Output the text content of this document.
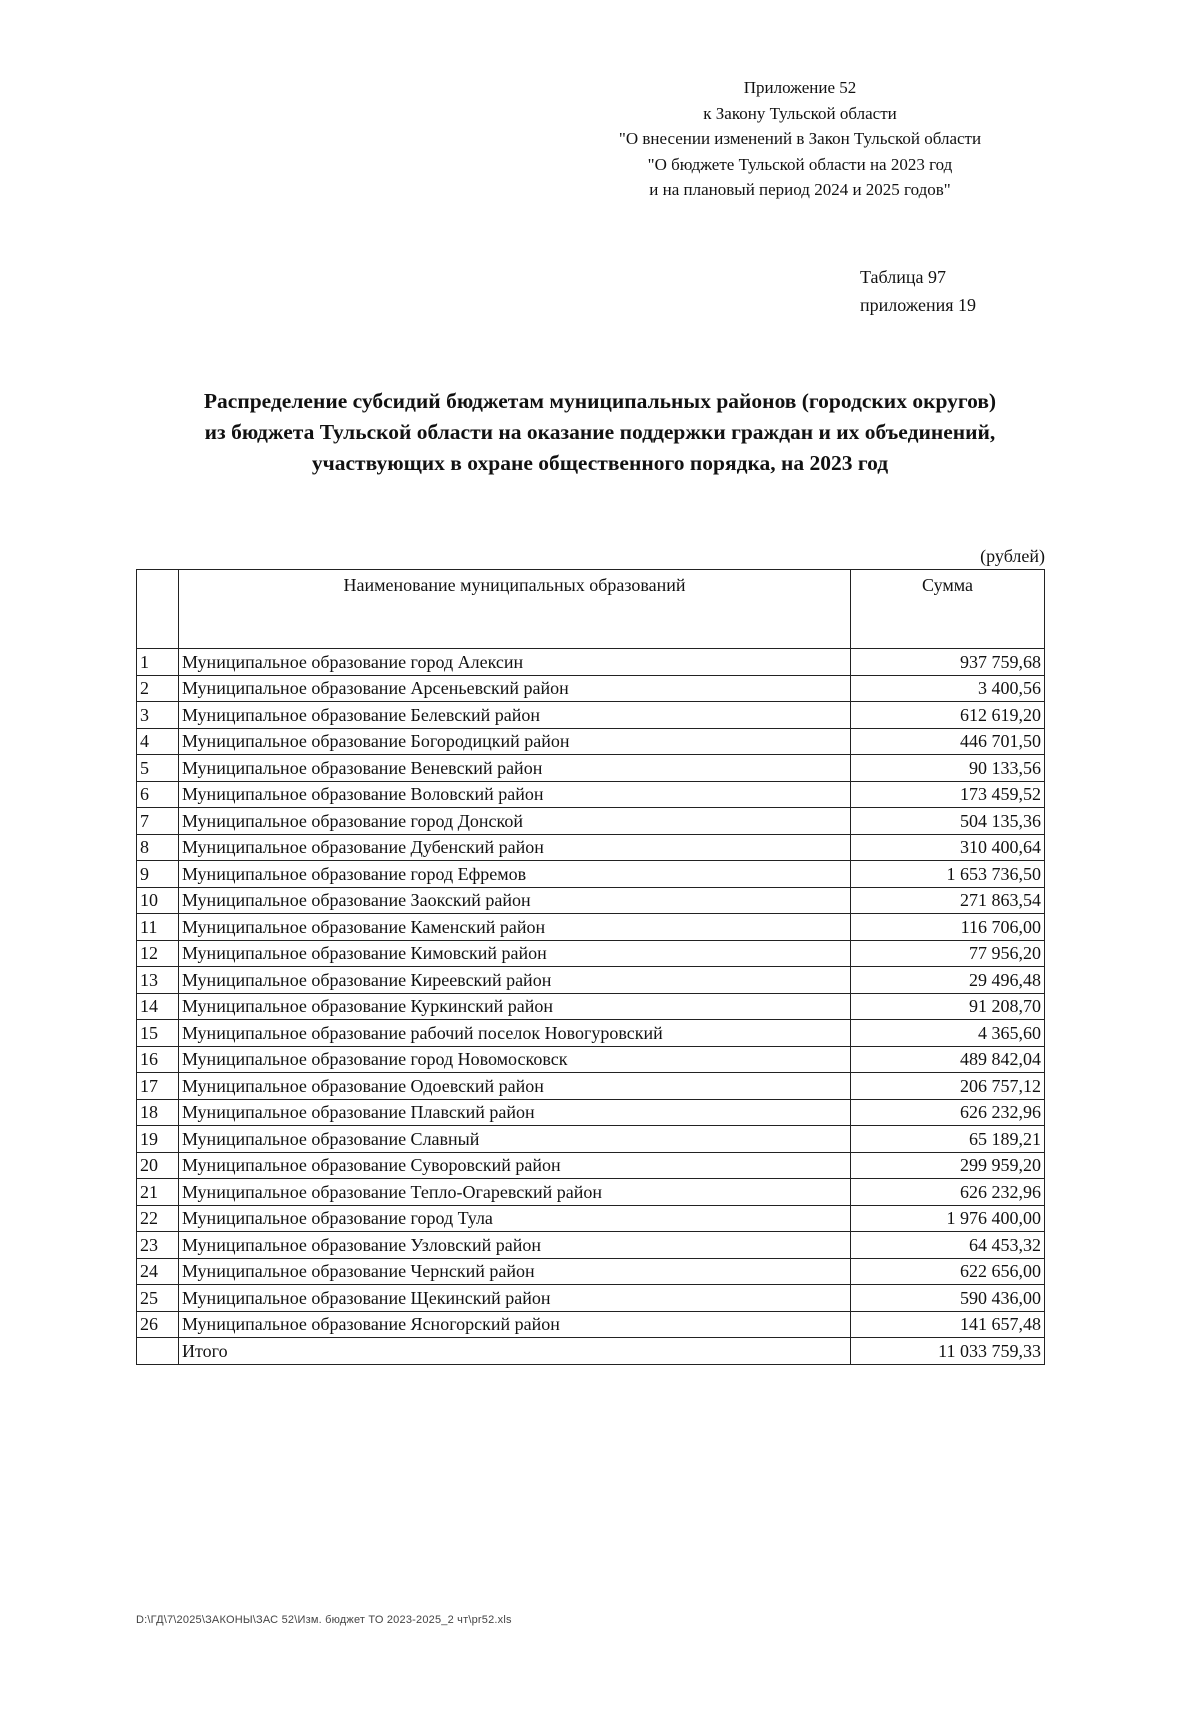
Приложение 52
к Закону Тульской области
"О внесении изменений в Закон Тульской области
"О бюджете Тульской области на 2023 год
и на плановый период 2024 и 2025 годов"
Таблица 97
приложения 19
Распределение субсидий бюджетам муниципальных районов (городских округов)
из бюджета Тульской области на оказание поддержки граждан и их объединений,
участвующих в охране общественного порядка, на 2023 год
(рублей)
	Наименование муниципальных образований	Сумма
1	Муниципальное образование город Алексин	937 759,68
2	Муниципальное образование Арсеньевский район	3 400,56
3	Муниципальное образование Белевский район	612 619,20
4	Муниципальное образование Богородицкий район	446 701,50
5	Муниципальное образование Веневский район	90 133,56
6	Муниципальное образование Воловский район	173 459,52
7	Муниципальное образование город Донской	504 135,36
8	Муниципальное образование Дубенский район	310 400,64
9	Муниципальное образование город Ефремов	1 653 736,50
10	Муниципальное образование Заокский район	271 863,54
11	Муниципальное образование Каменский район	116 706,00
12	Муниципальное образование Кимовский район	77 956,20
13	Муниципальное образование Киреевский район	29 496,48
14	Муниципальное образование Куркинский район	91 208,70
15	Муниципальное образование рабочий поселок Новогуровский	4 365,60
16	Муниципальное образование город Новомосковск	489 842,04
17	Муниципальное образование Одоевский район	206 757,12
18	Муниципальное образование Плавский район	626 232,96
19	Муниципальное образование Славный	65 189,21
20	Муниципальное образование Суворовский район	299 959,20
21	Муниципальное образование Тепло-Огаревский район	626 232,96
22	Муниципальное образование город Тула	1 976 400,00
23	Муниципальное образование Узловский район	64 453,32
24	Муниципальное образование Чернский район	622 656,00
25	Муниципальное образование Щекинский район	590 436,00
26	Муниципальное образование Ясногорский район	141 657,48
	Итого	11 033 759,33
D:\ГД\7\2025\ЗАКОНЫ\ЗАС 52\Изм. бюджет ТО 2023-2025_2 чт\pr52.xls
